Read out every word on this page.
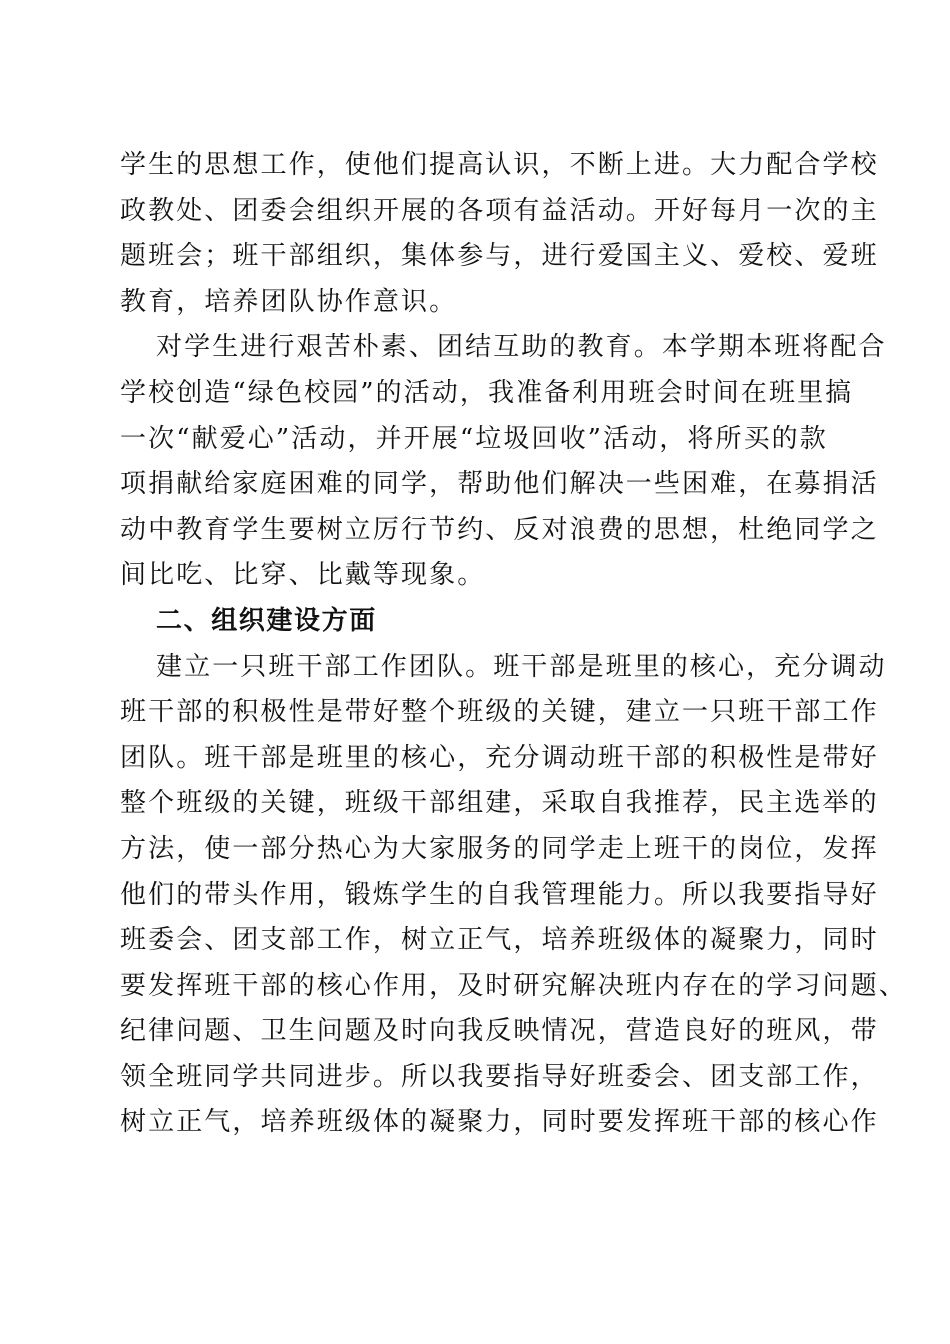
学生的思想工作，使他们提高认识，不断上进。大力配合学校
政教处、团委会组织开展的各项有益活动。开好每月一次的主
题班会；班干部组织，集体参与，进行爱国主义、爱校、爱班
教育，培养团队协作意识。
对学生进行艰苦朴素、团结互助的教育。本学期本班将配合
学校创造“绿色校园”的活动，我准备利用班会时间在班里搞
一次“献爱心”活动，并开展“垃圾回收”活动，将所买的款
项捐献给家庭困难的同学，帮助他们解决一些困难，在募捐活
动中教育学生要树立厉行节约、反对浪费的思想，杜绝同学之
间比吃、比穿、比戴等现象。
二、组织建设方面
建立一只班干部工作团队。班干部是班里的核心，充分调动
班干部的积极性是带好整个班级的关键，建立一只班干部工作
团队。班干部是班里的核心，充分调动班干部的积极性是带好
整个班级的关键，班级干部组建，采取自我推荐，民主选举的
方法，使一部分热心为大家服务的同学走上班干的岗位，发挥
他们的带头作用，锻炼学生的自我管理能力。所以我要指导好
班委会、团支部工作，树立正气，培养班级体的凝聚力，同时
要发挥班干部的核心作用，及时研究解决班内存在的学习问题、
纪律问题、卫生问题及时向我反映情况，营造良好的班风，带
领全班同学共同进步。所以我要指导好班委会、团支部工作，
树立正气，培养班级体的凝聚力，同时要发挥班干部的核心作
